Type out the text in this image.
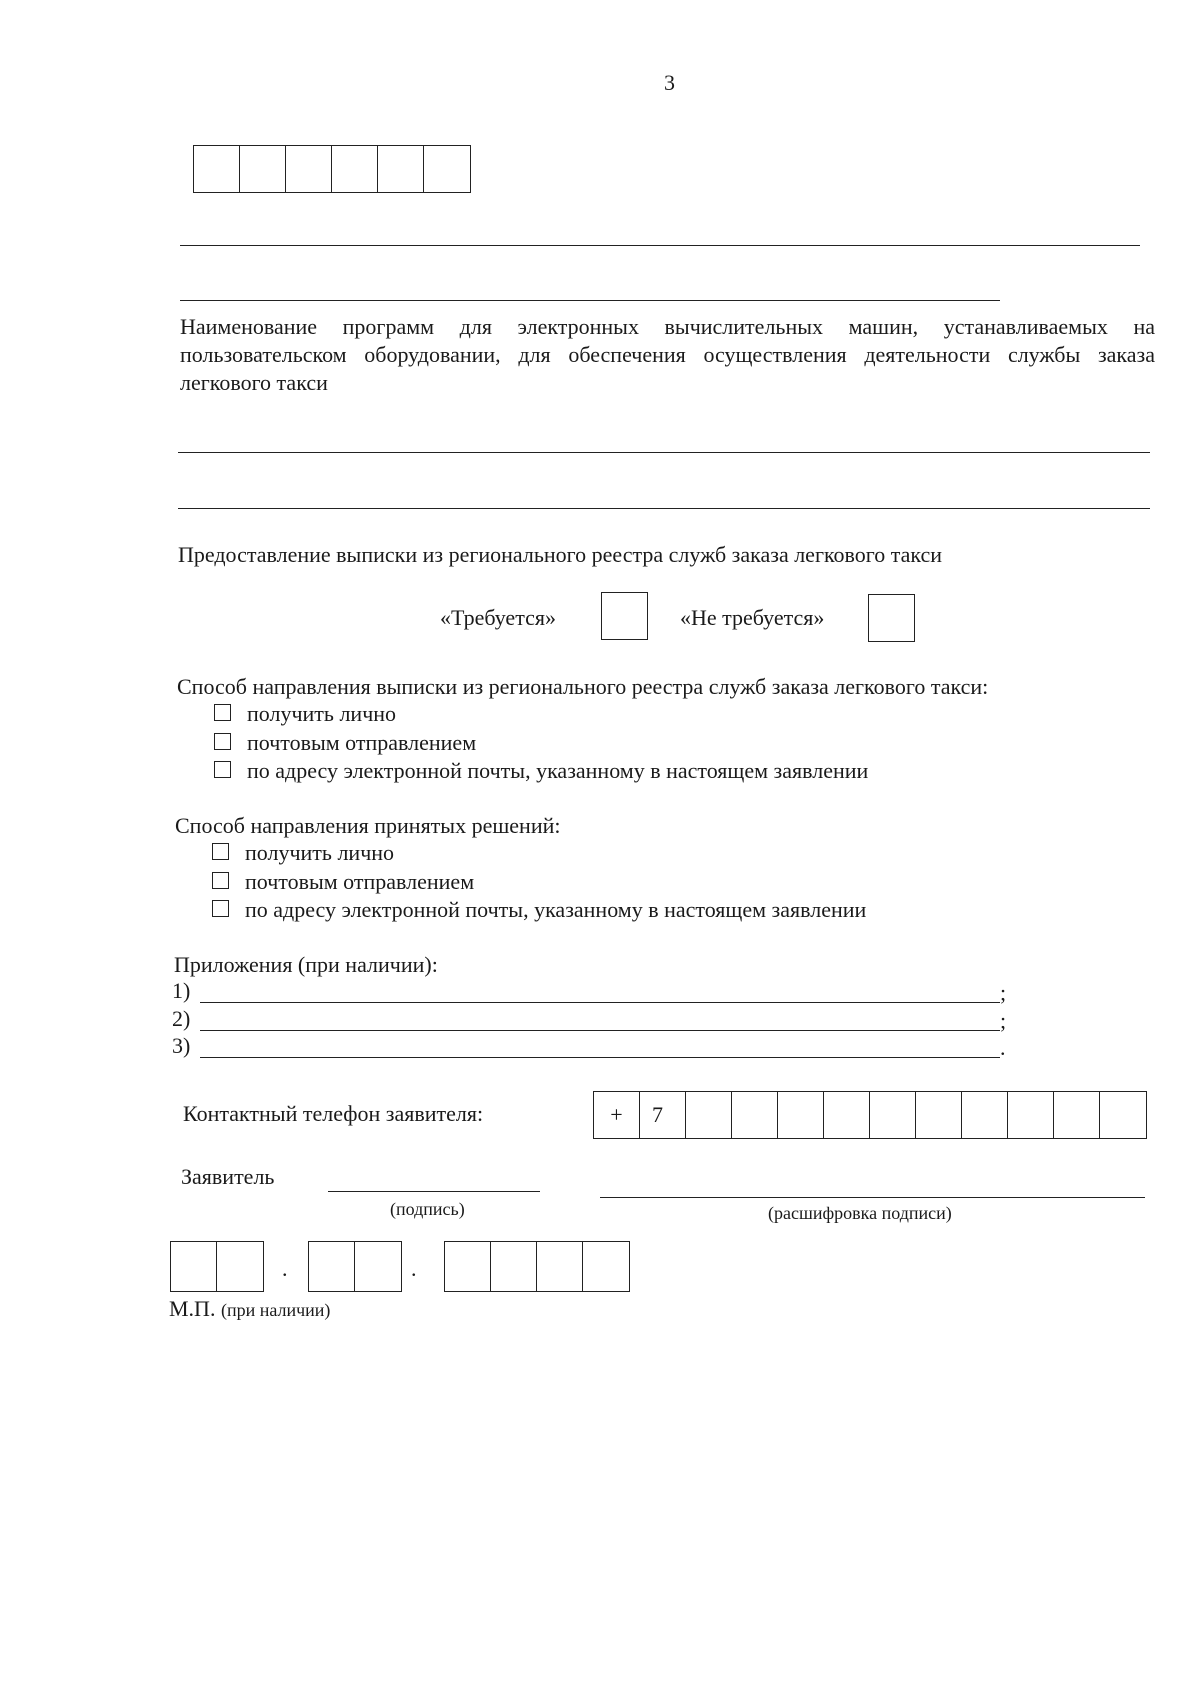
3
Наименование программ для электронных вычислительных машин, устанавливаемых на пользовательском оборудовании, для обеспечения осуществления деятельности службы заказа легкового такси
Предоставление выписки из регионального реестра служб заказа легкового такси
«Требуется»	«Не требуется»
Способ направления выписки из регионального реестра служб заказа легкового такси:
получить лично
почтовым отправлением
по адресу электронной почты, указанному в настоящем заявлении
Способ направления принятых решений:
получить лично
почтовым отправлением
по адресу электронной почты, указанному в настоящем заявлении
Приложения (при наличии):
1)	;
2)	;
3)	.
Контактный телефон заявителя:	+	7
Заявитель
(подпись)	(расшифровка подписи)
.	.
М.П. (при наличии)
